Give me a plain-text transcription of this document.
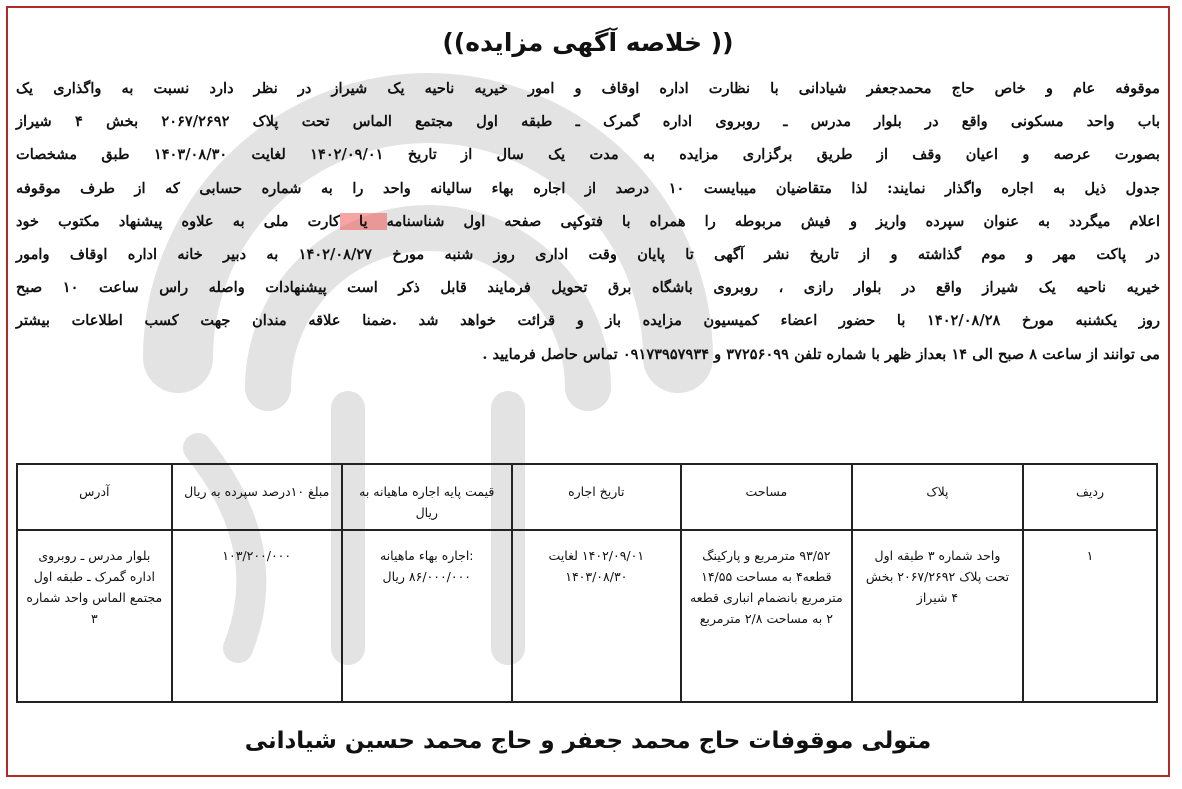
(( خلاصه آگهی مزایده))
موقوفه عام و خاص حاج محمدجعفر شیادانی با نظارت اداره اوقاف و امور خیریه ناحیه یک شیراز در نظر دارد نسبت به واگذاری یک
باب واحد مسکونی واقع در بلوار مدرس ـ روبروی اداره گمرک ـ طبقه اول مجتمع الماس تحت پلاک ۲۰۶۷/۲۶۹۲ بخش ۴ شیراز
بصورت عرصه و اعیان وقف از طریق برگزاری مزایده به مدت یک سال از تاریخ ۱۴۰۲/۰۹/۰۱ لغایت ۱۴۰۳/۰۸/۳۰ طبق مشخصات
جدول ذیل به اجاره واگذار نمایند: لذا متقاضیان میبایست ۱۰ درصد از اجاره بهاء سالیانه واحد را به شماره حسابی که از طرف موقوفه
اعلام میگردد به عنوان سپرده واریز و فیش مربوطه را همراه با فتوکپی صفحه اول شناسنامه یا کارت ملی به علاوه پیشنهاد مکتوب خود
در پاکت مهر و موم گذاشته و از تاریخ نشر آگهی تا پایان وقت اداری روز شنبه مورخ ۱۴۰۲/۰۸/۲۷ به دبیر خانه اداره اوقاف وامور
خیریه ناحیه یک شیراز واقع در بلوار رازی ، روبروی باشگاه برق تحویل فرمایند قابل ذکر است پیشنهادات واصله راس ساعت ۱۰ صبح
روز یکشنبه مورخ ۱۴۰۲/۰۸/۲۸ با حضور اعضاء کمیسیون مزایده باز و قرائت خواهد شد .ضمنا علاقه مندان جهت کسب اطلاعات بیشتر
می توانند از ساعت ۸ صبح الی ۱۴ بعداز ظهر با شماره تلفن ۳۷۲۵۶۰۹۹ و ۰۹۱۷۳۹۵۷۹۳۴ تماس حاصل فرمایید .
ردیف	پلاک	مساحت	تاریخ اجاره	قیمت پایه اجاره ماهیانه به ریال	مبلغ ۱۰درصد سپرده به ریال	آدرس
۱	واحد شماره ۳ طبقه اول تحت پلاک ۲۰۶۷/۲۶۹۲ بخش ۴ شیراز	۹۳/۵۲ مترمربع و پارکینگ قطعه۴ به مساحت ۱۴/۵۵ مترمربع بانضمام انباری قطعه ۲ به مساحت ۲/۸ مترمربع	۱۴۰۲/۰۹/۰۱ لغایت ۱۴۰۳/۰۸/۳۰	:اجاره بهاء ماهیانه ۸۶/۰۰۰/۰۰۰ ریال	۱۰۳/۲۰۰/۰۰۰	بلوار مدرس ـ روبروی اداره گمرک ـ طبقه اول مجتمع الماس واحد شماره ۳
متولی موقوفات حاج محمد جعفر و حاج محمد حسین شیادانی
